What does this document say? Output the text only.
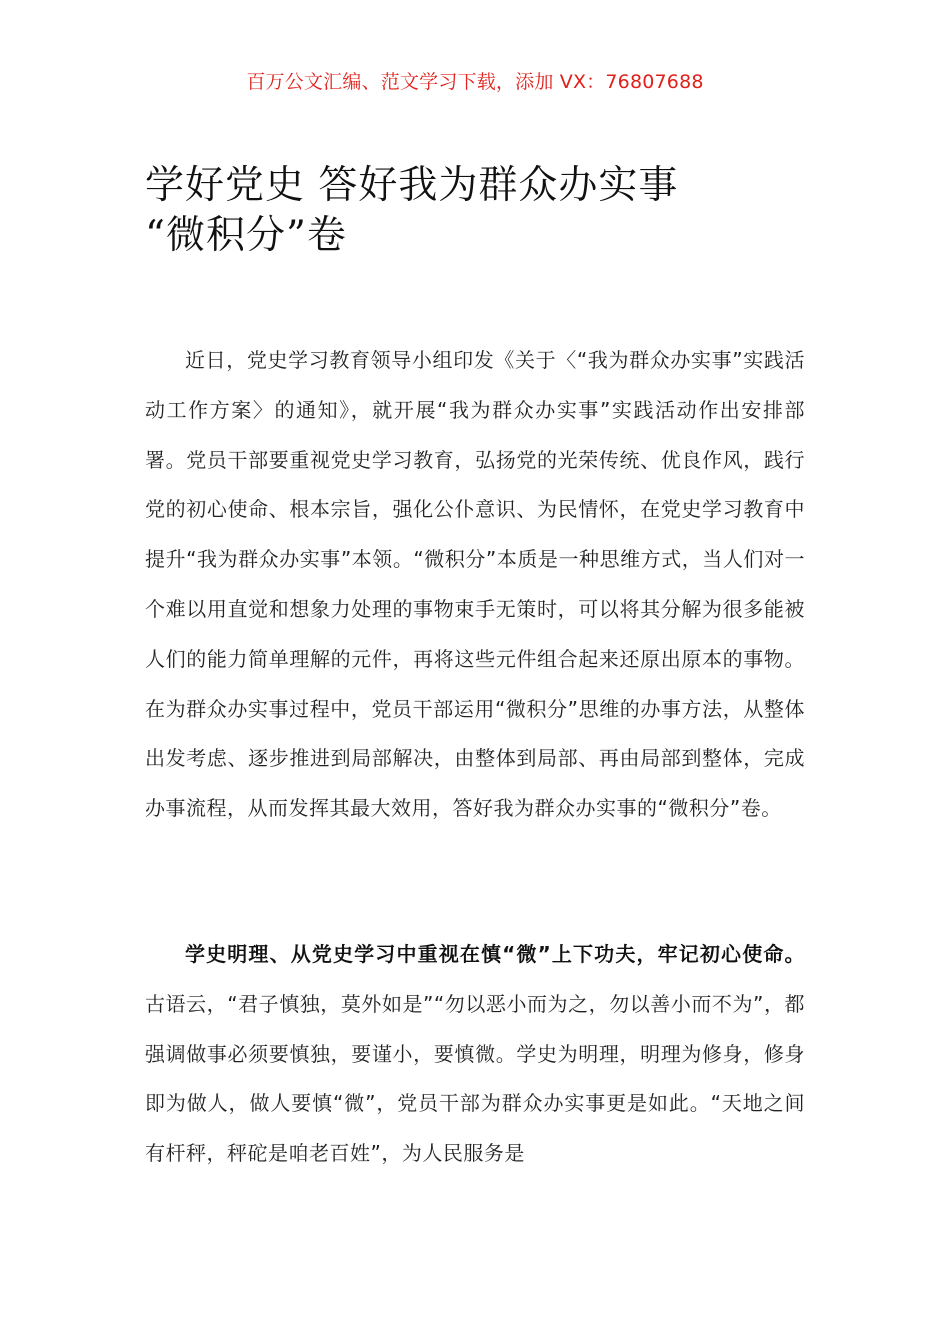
百万公文汇编、范文学习下载，添加 VX：76807688
学好党史 答好我为群众办实事
“微积分”卷

近日，党史学习教育领导小组印发《关于〈“我为群众办实事”实践活动工作方案〉的通知》，就开展“我为群众办实事”实践活动作出安排部署。党员干部要重视党史学习教育，弘扬党的光荣传统、优良作风，践行党的初心使命、根本宗旨，强化公仆意识、为民情怀，在党史学习教育中提升“我为群众办实事”本领。“微积分”本质是一种思维方式，当人们对一个难以用直觉和想象力处理的事物束手无策时，可以将其分解为很多能被人们的能力简单理解的元件，再将这些元件组合起来还原出原本的事物。在为群众办实事过程中，党员干部运用“微积分”思维的办事方法，从整体出发考虑、逐步推进到局部解决，由整体到局部、再由局部到整体，完成办事流程，从而发挥其最大效用，答好我为群众办实事的“微积分”卷。

学史明理、从党史学习中重视在慎“微”上下功夫，牢记初心使命。古语云，“君子慎独，莫外如是”“勿以恶小而为之，勿以善小而不为”，都强调做事必须要慎独，要谨小，要慎微。学史为明理，明理为修身，修身即为做人，做人要慎“微”，党员干部为群众办实事更是如此。“天地之间有杆秤，秤砣是咱老百姓”，为人民服务是
